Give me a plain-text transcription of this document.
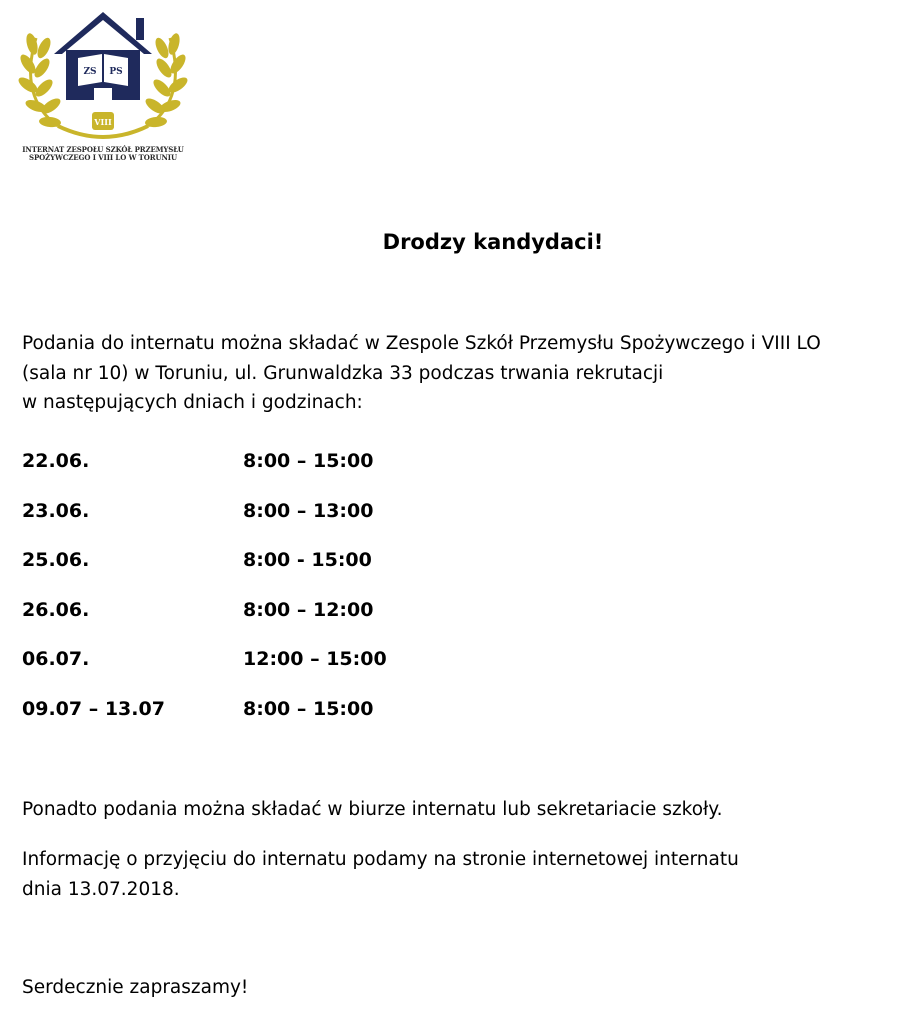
ZS PS
VIII
INTERNAT ZESPOŁU SZKÓŁ PRZEMYSŁU
SPOŻYWCZEGO I VIII LO W TORUNIU
Drodzy kandydaci!
Podania do internatu można składać w Zespole Szkół Przemysłu Spożywczego i VIII LO
(sala nr 10) w Toruniu, ul. Grunwaldzka 33 podczas trwania rekrutacji
w następujących dniach i godzinach:
22.06.	8:00 – 15:00
23.06.	8:00 – 13:00
25.06.	8:00 - 15:00
26.06.	8:00 – 12:00
06.07.	12:00 – 15:00
09.07 – 13.07	8:00 – 15:00
Ponadto podania można składać w biurze internatu lub sekretariacie szkoły.
Informację o przyjęciu do internatu podamy na stronie internetowej internatu
dnia 13.07.2018.
Serdecznie zapraszamy!
